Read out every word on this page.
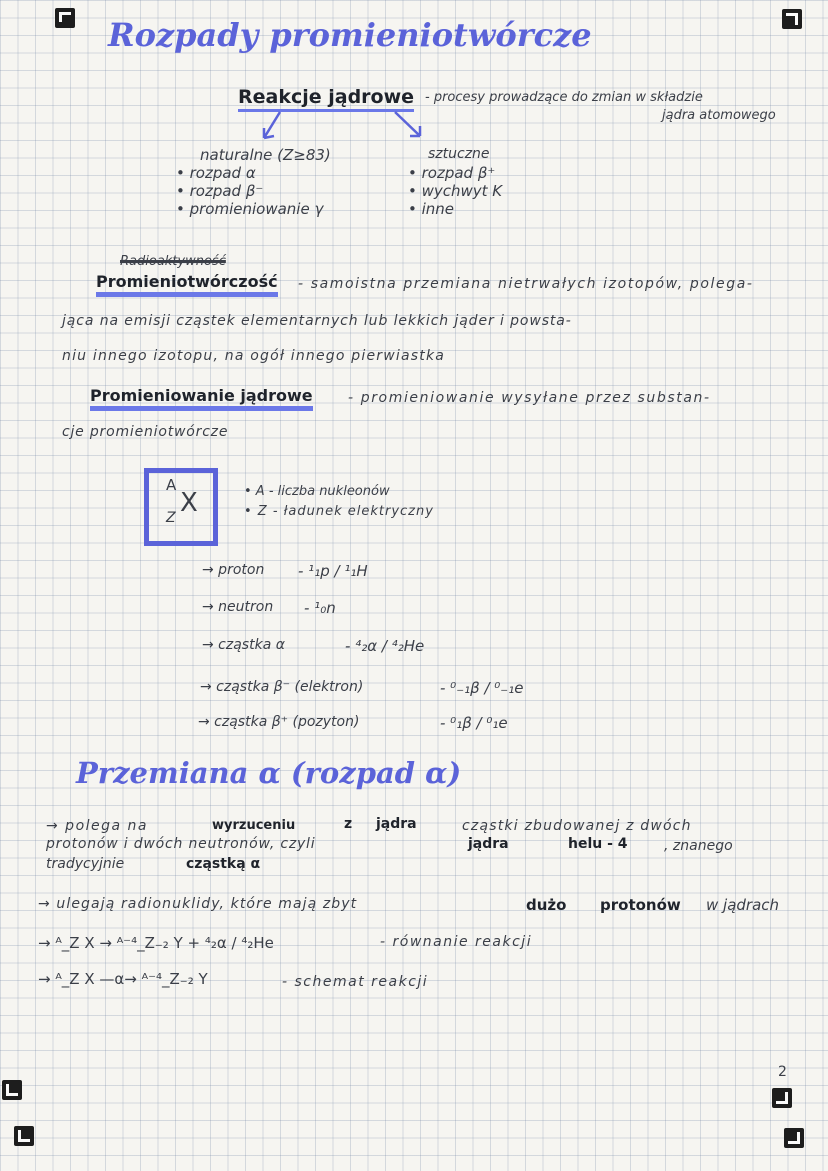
Rozpady promieniotwórcze
Reakcje jądrowe - procesy prowadzące do zmian w składzie
jądra atomowego
naturalne (Z≥83)
• rozpad α
• rozpad β⁻
• promieniowanie γ
sztuczne
• rozpad β⁺
• wychwyt K
• inne
Radioaktywność
Promieniotwórczość - samoistna przemiana nietrwałych izotopów, polega-
jąca na emisji cząstek elementarnych lub lekkich jąder i powsta-
niu innego izotopu, na ogół innego pierwiastka
Promieniowanie jądrowe	- promieniowanie wysyłane przez substan-
cje promieniotwórcze
A
Z X	• A - liczba nukleonów
• Z - ładunek elektryczny
→ proton - ¹₁p / ¹₁H
→ neutron - ¹₀n
→ cząstka α	- ⁴₂α / ⁴₂He
→ cząstka β⁻ (elektron)	- ⁰₋₁β / ⁰₋₁e
→ cząstka β⁺ (pozyton)	- ⁰₁β / ⁰₁e
Przemiana α (rozpad α)
→ polega na	wyrzuceniu	z jądra	cząstki zbudowanej z dwóch
protonów i dwóch neutronów, czyli	jądra	helu - 4	, znanego
tradycyjnie	cząstką α
→ ulegają radionuklidy, które mają zbyt	dużo protonów w jądrach
→ ᴬ_Z X → ᴬ⁻⁴_Z₋₂ Y + ⁴₂α / ⁴₂He	- równanie reakcji
→ ᴬ_Z X —α→ ᴬ⁻⁴_Z₋₂ Y	- schemat reakcji
2
